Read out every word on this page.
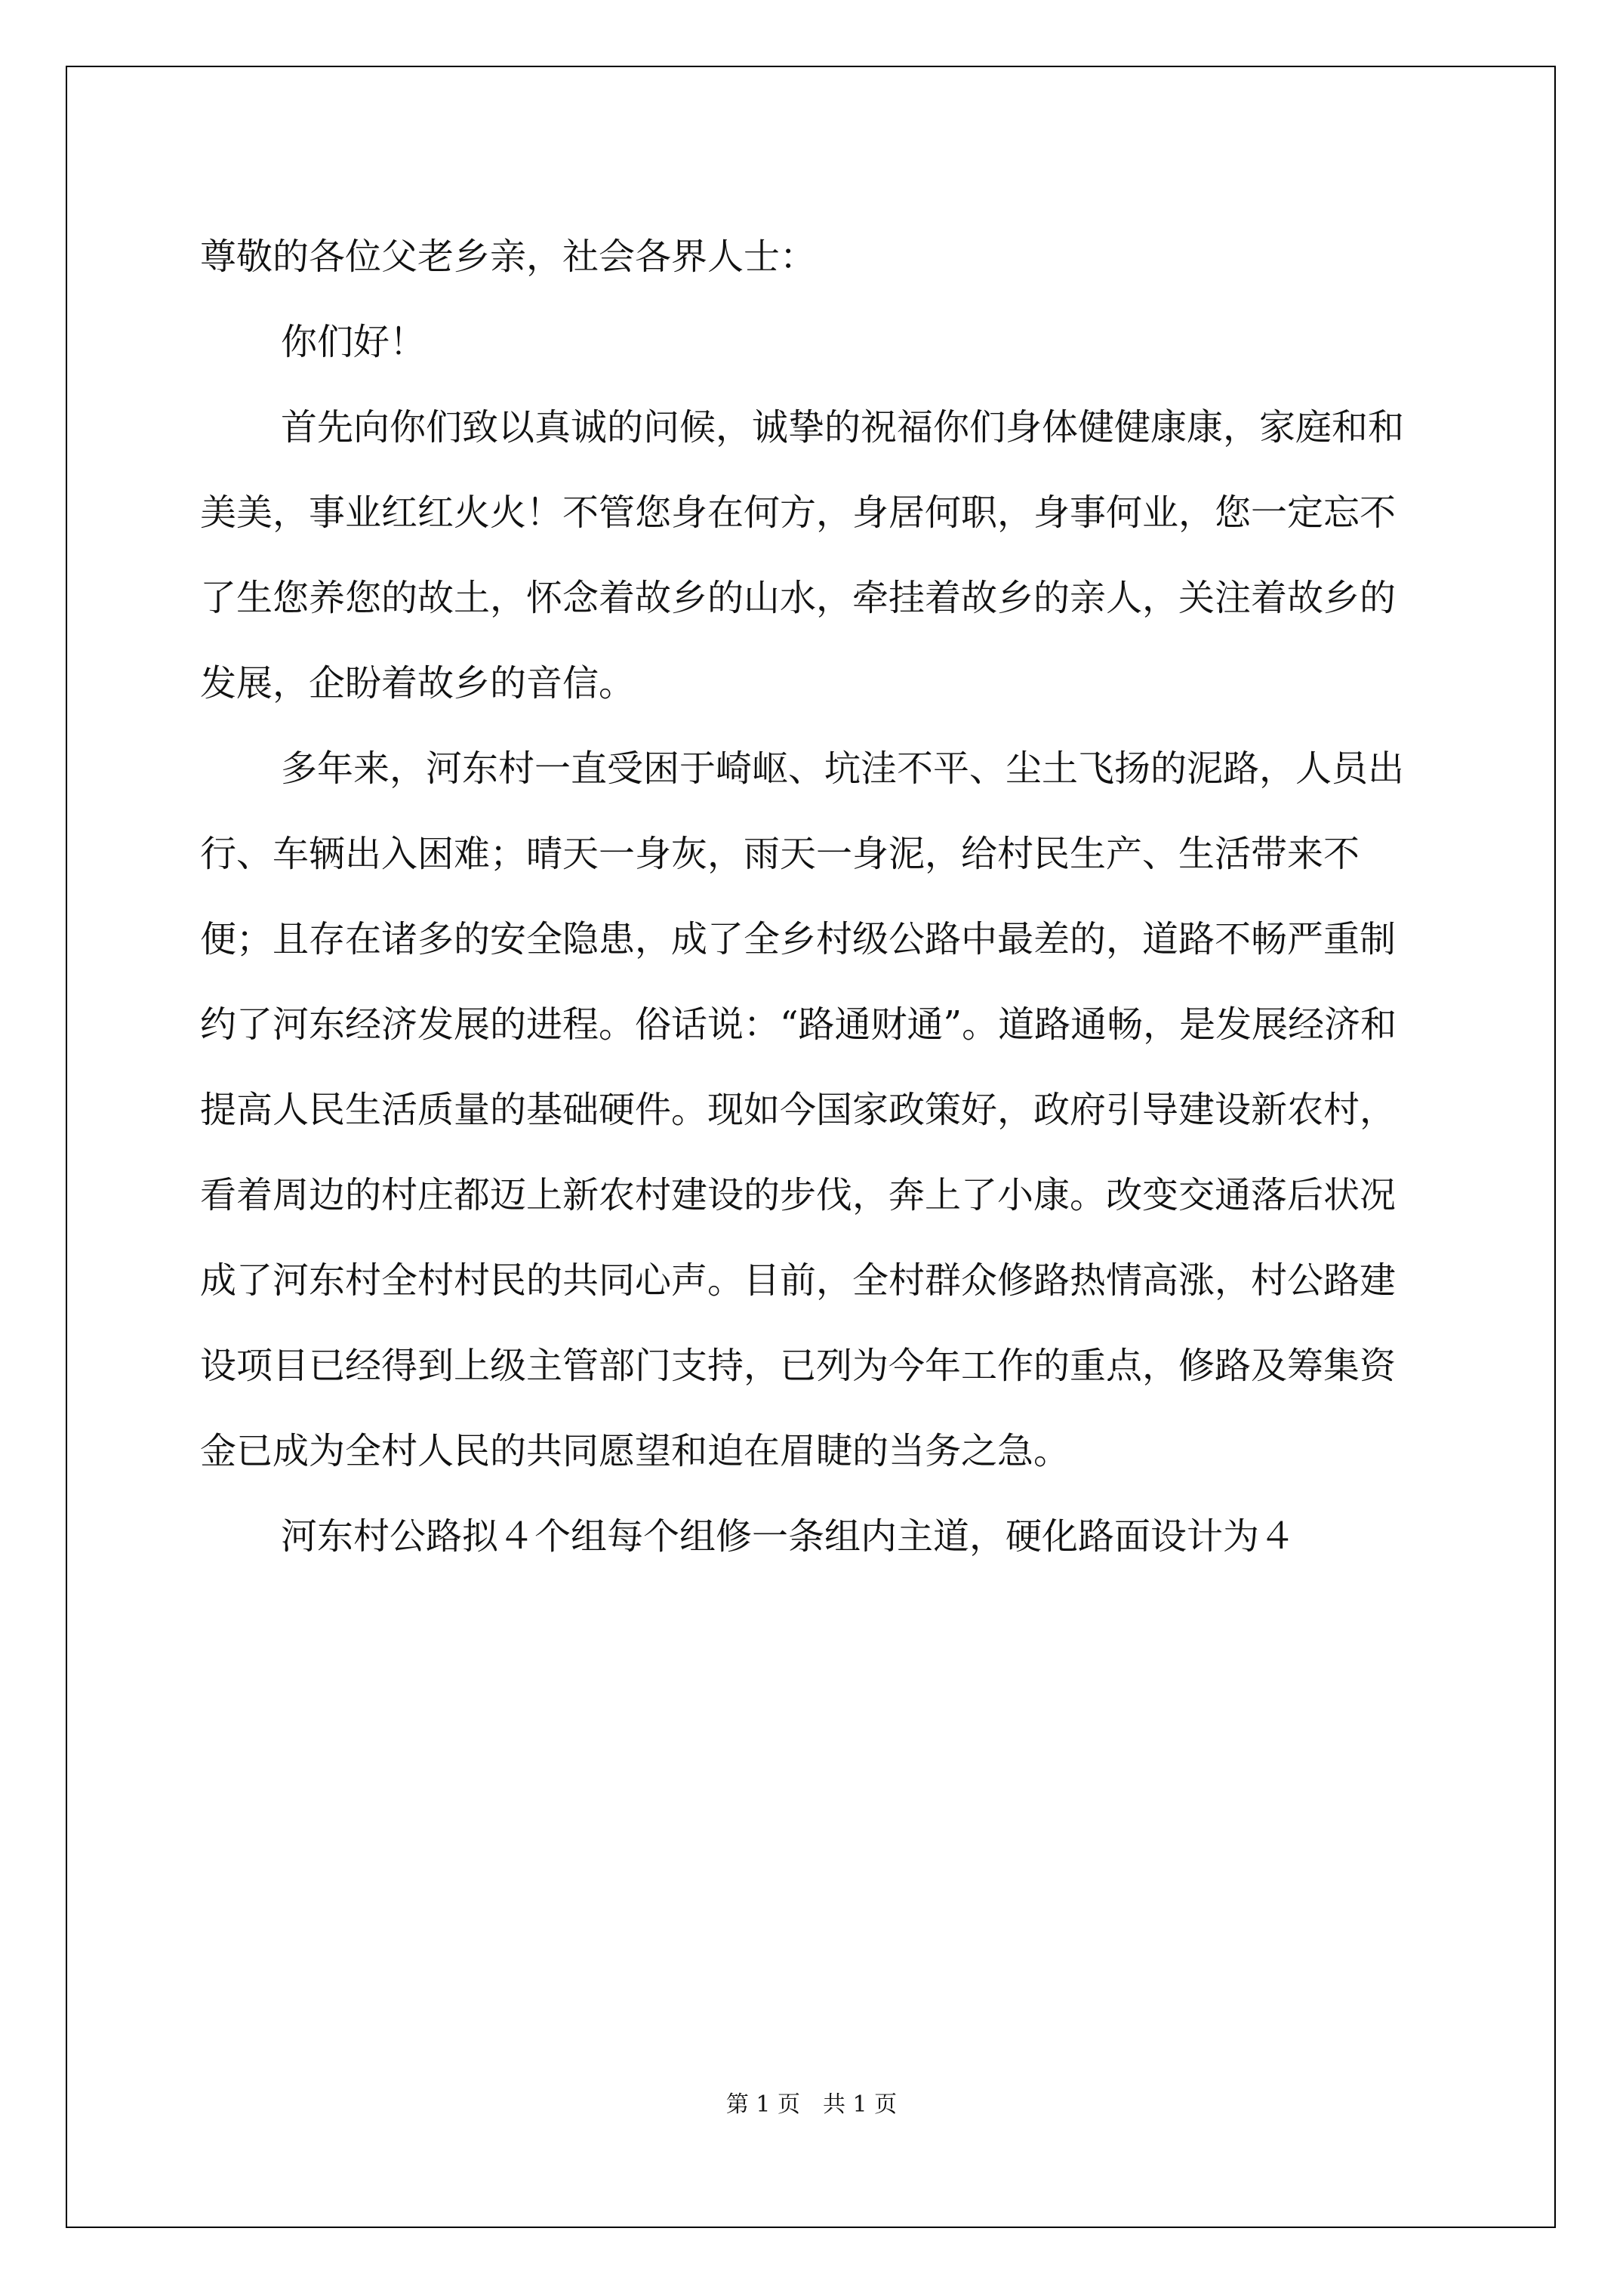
尊敬的各位父老乡亲，社会各界人士：

你们好！

首先向你们致以真诚的问候，诚挚的祝福你们身体健健康康，家庭和和美美，事业红红火火！不管您身在何方，身居何职，身事何业，您一定忘不了生您养您的故土，怀念着故乡的山水，牵挂着故乡的亲人，关注着故乡的发展，企盼着故乡的音信。

多年来，河东村一直受困于崎岖、坑洼不平、尘土飞扬的泥路，人员出行、车辆出入困难；晴天一身灰，雨天一身泥，给村民生产、生活带来不便；且存在诸多的安全隐患，成了全乡村级公路中最差的，道路不畅严重制约了河东经济发展的进程。俗话说：“路通财通”。道路通畅，是发展经济和提高人民生活质量的基础硬件。现如今国家政策好，政府引导建设新农村，看着周边的村庄都迈上新农村建设的步伐，奔上了小康。改变交通落后状况成了河东村全村村民的共同心声。目前，全村群众修路热情高涨，村公路建设项目已经得到上级主管部门支持，已列为今年工作的重点，修路及筹集资金已成为全村人民的共同愿望和迫在眉睫的当务之急。

河东村公路拟４个组每个组修一条组内主道，硬化路面设计为４

第 1 页　共 1 页
